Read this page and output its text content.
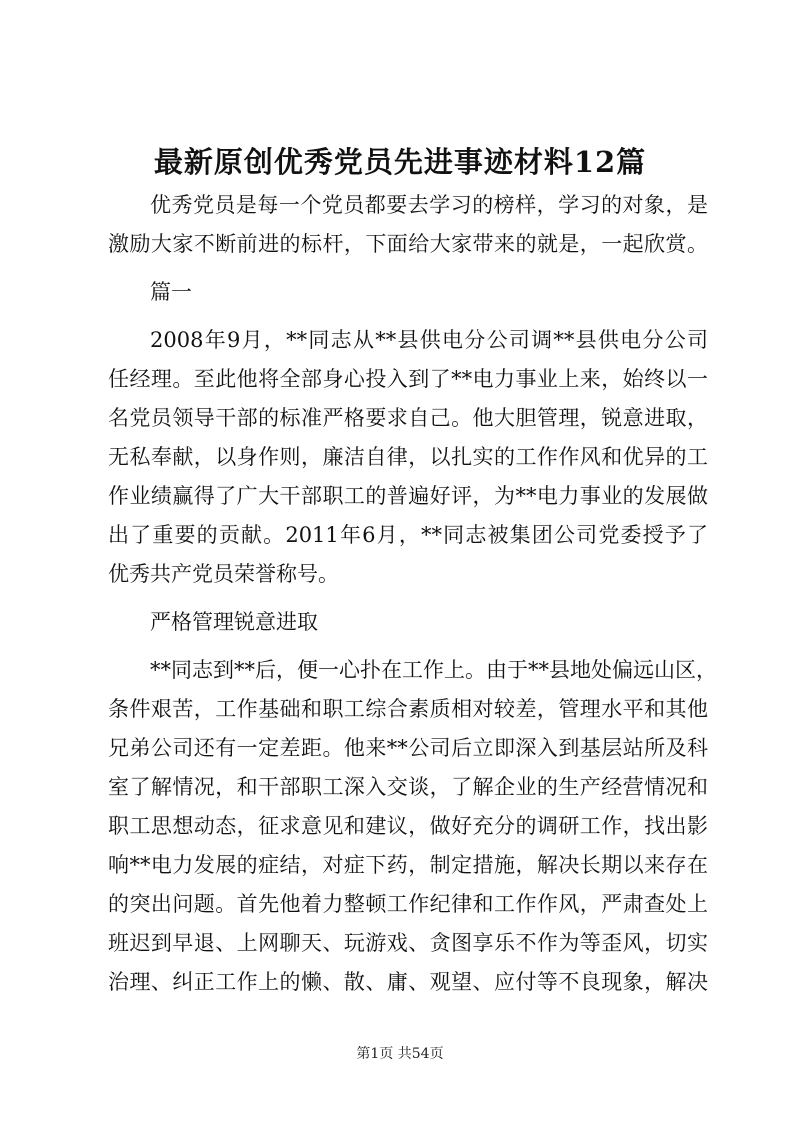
最新原创优秀党员先进事迹材料12篇
优秀党员是每一个党员都要去学习的榜样，学习的对象，是
激励大家不断前进的标杆，下面给大家带来的就是，一起欣赏。
篇一
2008年9月，**同志从**县供电分公司调**县供电分公司
任经理。至此他将全部身心投入到了**电力事业上来，始终以一
名党员领导干部的标准严格要求自己。他大胆管理，锐意进取，
无私奉献，以身作则，廉洁自律，以扎实的工作作风和优异的工
作业绩赢得了广大干部职工的普遍好评，为**电力事业的发展做
出了重要的贡献。2011年6月，**同志被集团公司党委授予了
优秀共产党员荣誉称号。
严格管理锐意进取
**同志到**后，便一心扑在工作上。由于**县地处偏远山区，
条件艰苦，工作基础和职工综合素质相对较差，管理水平和其他
兄弟公司还有一定差距。他来**公司后立即深入到基层站所及科
室了解情况，和干部职工深入交谈，了解企业的生产经营情况和
职工思想动态，征求意见和建议，做好充分的调研工作，找出影
响**电力发展的症结，对症下药，制定措施，解决长期以来存在
的突出问题。首先他着力整顿工作纪律和工作作风，严肃查处上
班迟到早退、上网聊天、玩游戏、贪图享乐不作为等歪风，切实
治理、纠正工作上的懒、散、庸、观望、应付等不良现象，解决
第1页 共54页
